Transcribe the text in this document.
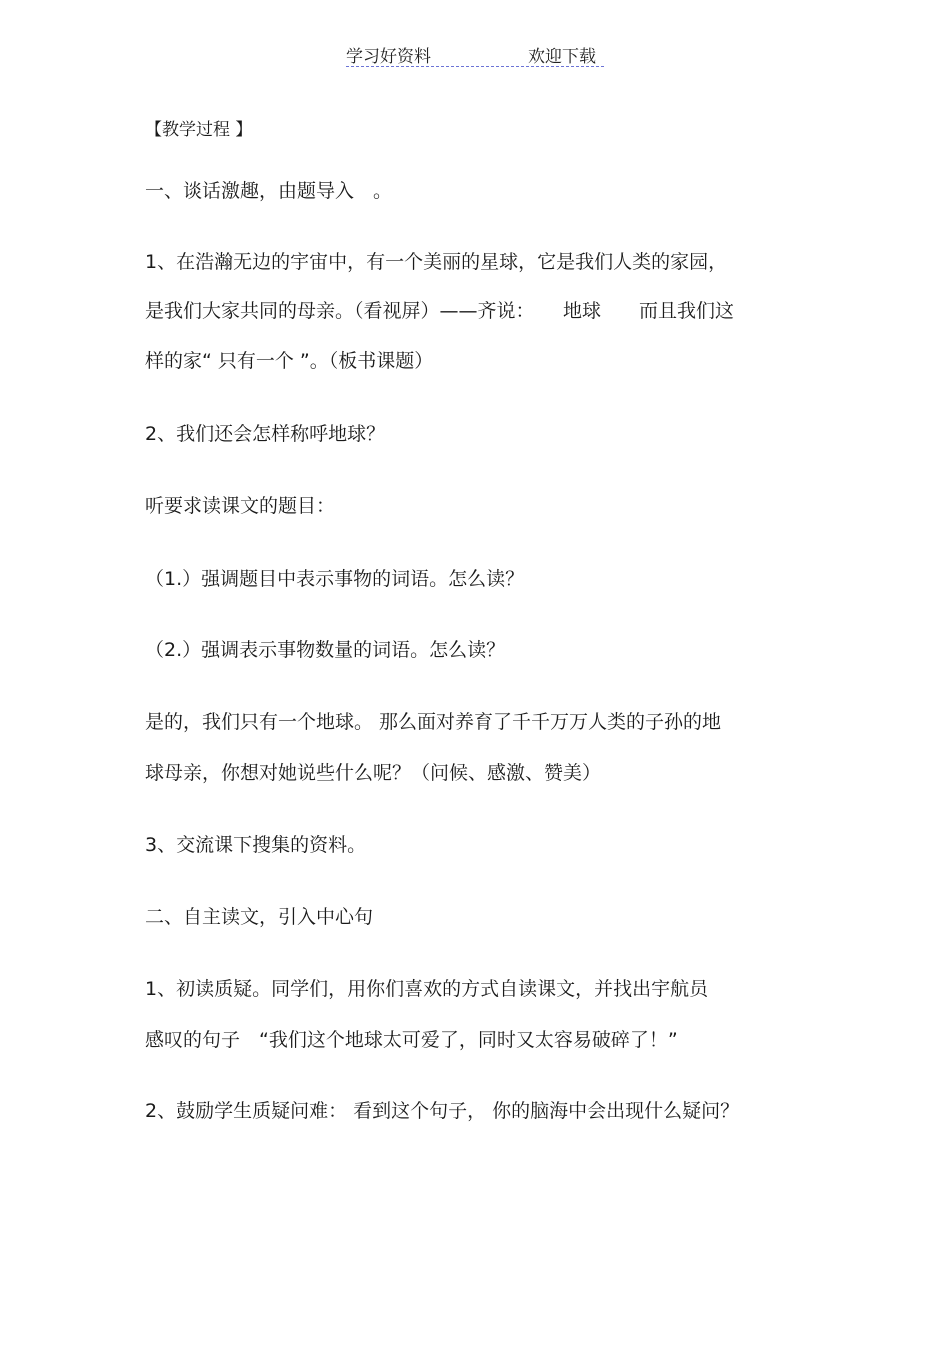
学习好资料	欢迎下载
【教学过程 】
一、谈话激趣，由题导入　。
1、在浩瀚无边的宇宙中，有一个美丽的星球，它是我们人类的家园，
是我们大家共同的母亲。（看视屏）——齐说：　　地球　　而且我们这
样的家“ 只有一个 ”。（板书课题）
2、我们还会怎样称呼地球？
听要求读课文的题目：
（1.）强调题目中表示事物的词语。怎么读？
（2.）强调表示事物数量的词语。怎么读？
是的，我们只有一个地球。 那么面对养育了千千万万人类的子孙的地
球母亲，你想对她说些什么呢？（问候、感激、赞美）
3、交流课下搜集的资料。
二、自主读文，引入中心句
1、初读质疑。同学们，用你们喜欢的方式自读课文，并找出宇航员
感叹的句子　“我们这个地球太可爱了，同时又太容易破碎了！”
2、鼓励学生质疑问难： 看到这个句子， 你的脑海中会出现什么疑问？
